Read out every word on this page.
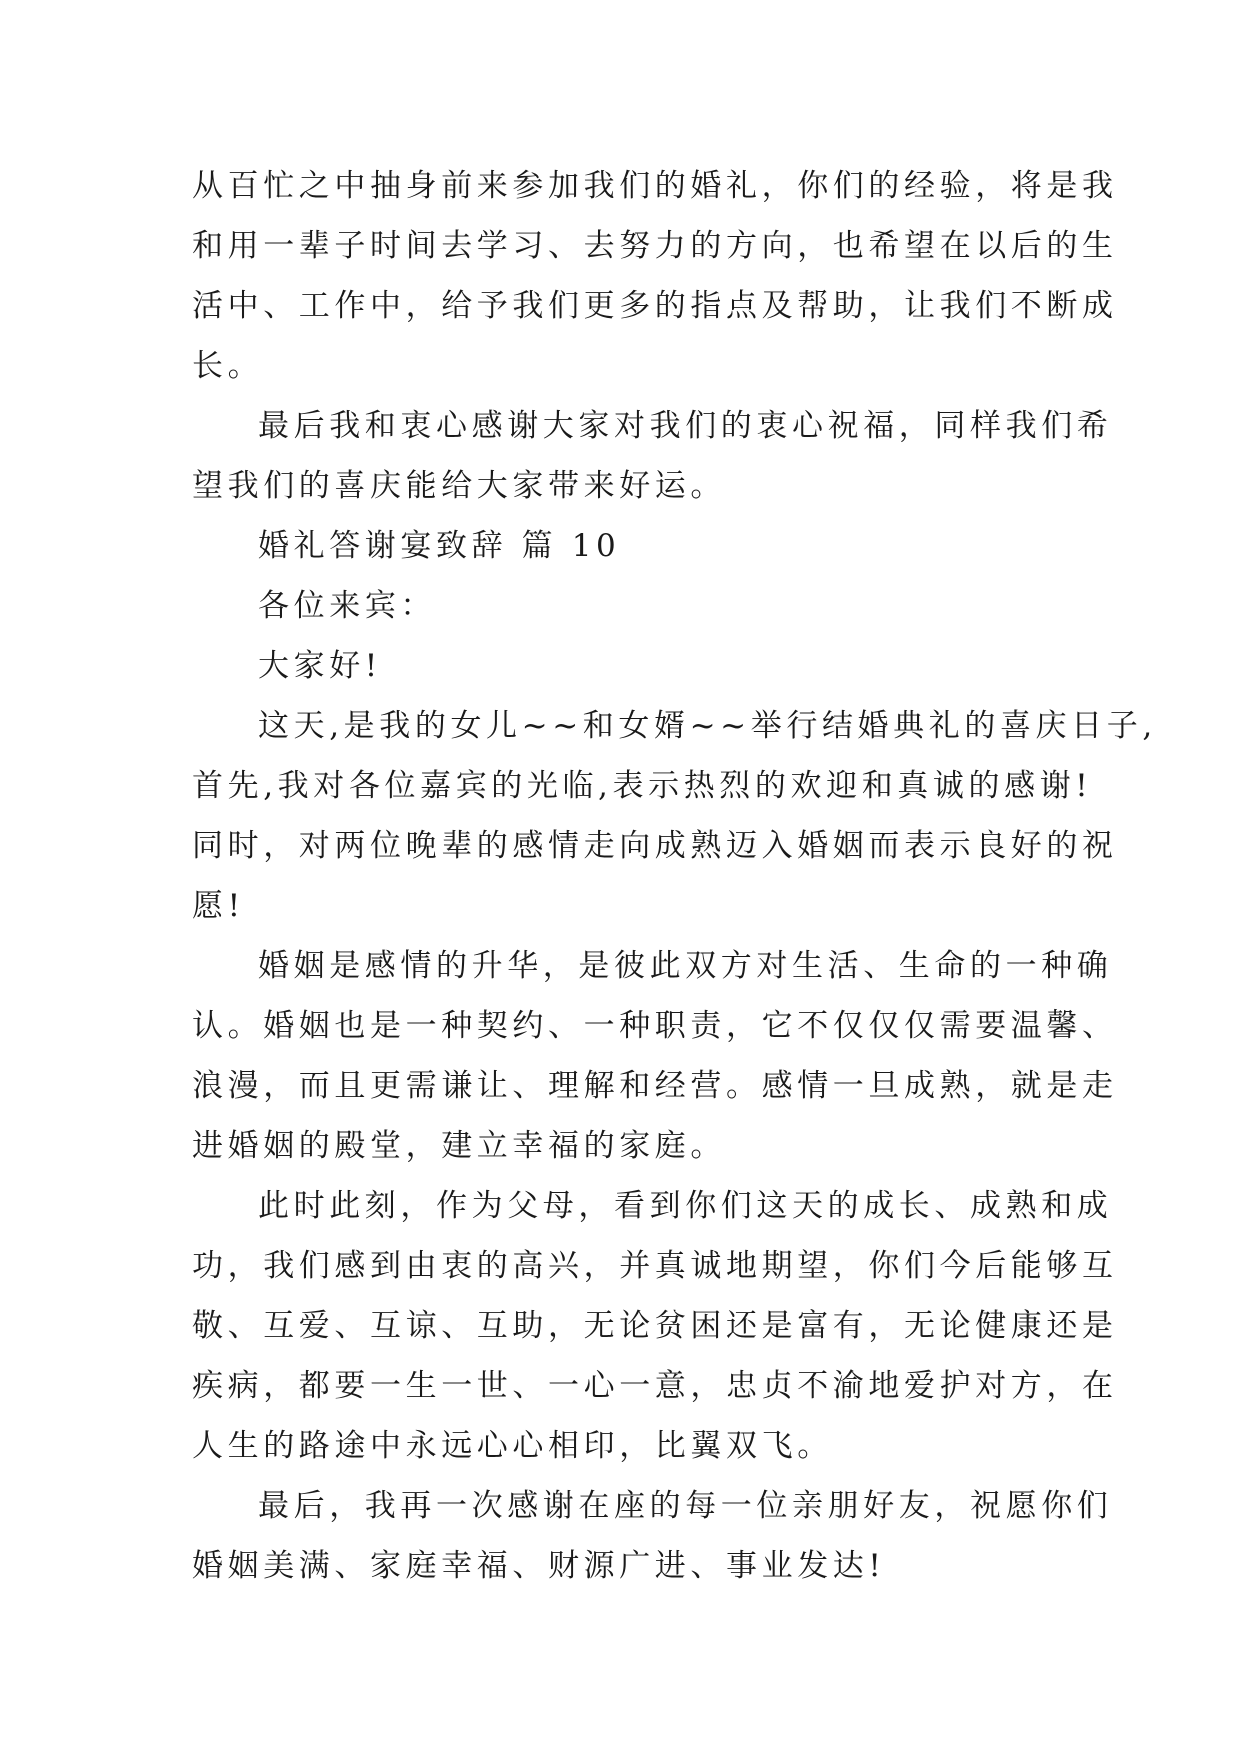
从百忙之中抽身前来参加我们的婚礼，你们的经验，将是我
和用一辈子时间去学习、去努力的方向，也希望在以后的生
活中、工作中，给予我们更多的指点及帮助，让我们不断成
长。
最后我和衷心感谢大家对我们的衷心祝福，同样我们希
望我们的喜庆能给大家带来好运。
婚礼答谢宴致辞 篇 10
各位来宾：
大家好!
这天,是我的女儿~~和女婿~~举行结婚典礼的喜庆日子,
首先,我对各位嘉宾的光临,表示热烈的欢迎和真诚的感谢!
同时，对两位晚辈的感情走向成熟迈入婚姻而表示良好的祝
愿!
婚姻是感情的升华，是彼此双方对生活、生命的一种确
认。婚姻也是一种契约、一种职责，它不仅仅仅需要温馨、
浪漫，而且更需谦让、理解和经营。感情一旦成熟，就是走
进婚姻的殿堂，建立幸福的家庭。
此时此刻，作为父母，看到你们这天的成长、成熟和成
功，我们感到由衷的高兴，并真诚地期望，你们今后能够互
敬、互爱、互谅、互助，无论贫困还是富有，无论健康还是
疾病，都要一生一世、一心一意，忠贞不渝地爱护对方，在
人生的路途中永远心心相印，比翼双飞。
最后，我再一次感谢在座的每一位亲朋好友，祝愿你们
婚姻美满、家庭幸福、财源广进、事业发达!
